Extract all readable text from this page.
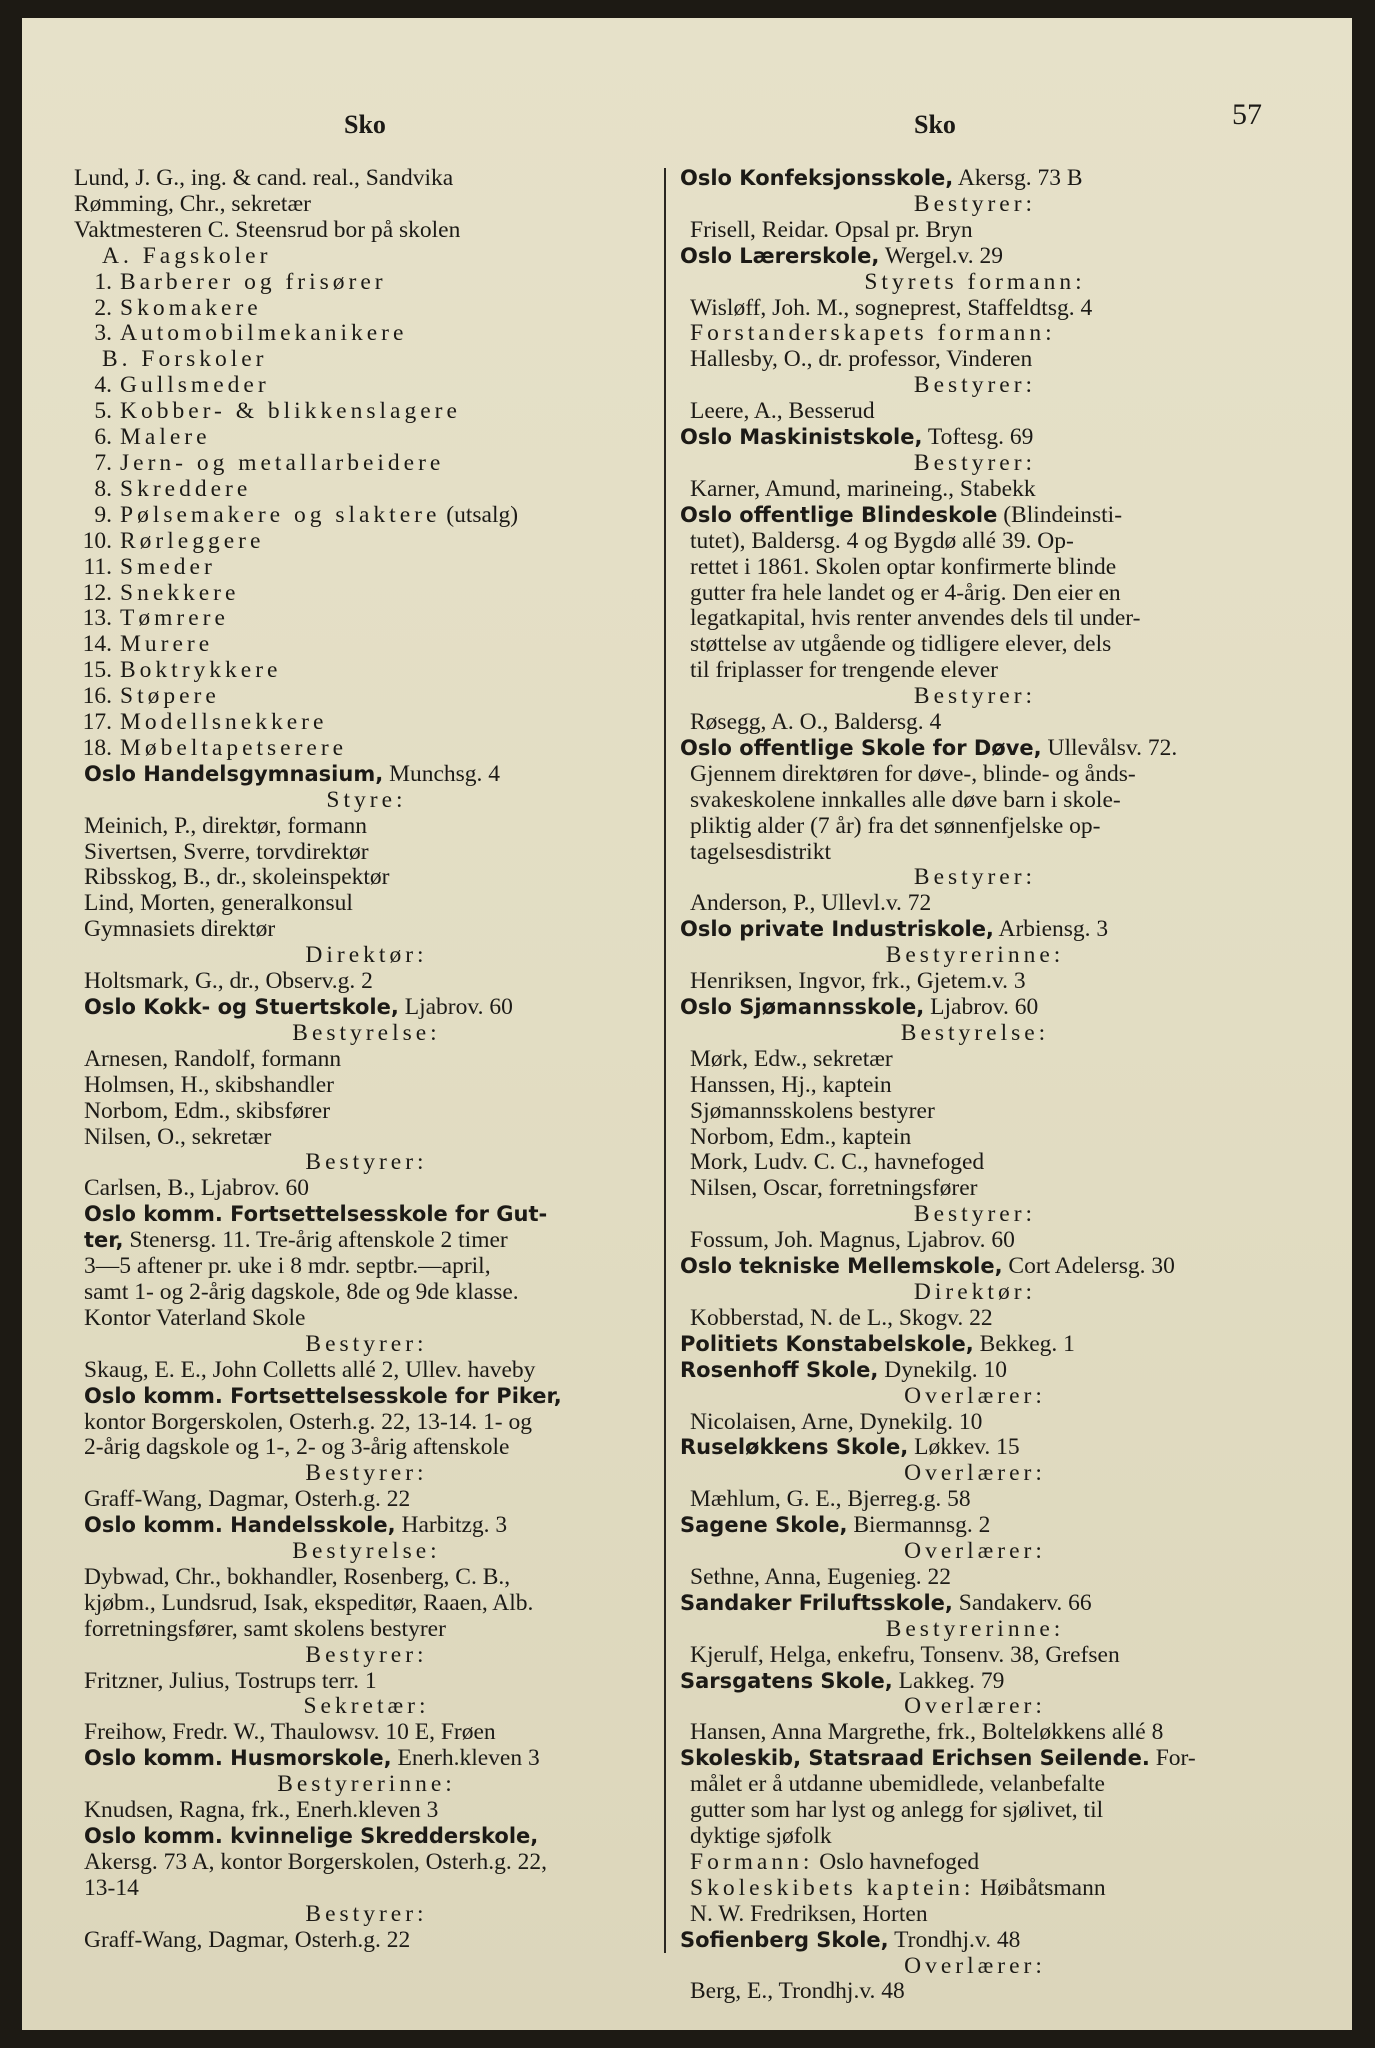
Sko	Sko	57
Lund, J. G., ing. & cand. real., Sandvika
Rømming, Chr., sekretær
Vaktmesteren C. Steensrud bor på skolen
A. Fagskoler
1. Barberer og frisører
2. Skomakere
3. Automobilmekanikere
B. Forskoler
4. Gullsmeder
5. Kobber- & blikkenslagere
6. Malere
7. Jern- og metallarbeidere
8. Skreddere
9. Pølsemakere og slaktere (utsalg)
10. Rørleggere
11. Smeder
12. Snekkere
13. Tømrere
14. Murere
15. Boktrykkere
16. Støpere
17. Modellsnekkere
18. Møbeltapetserere
Oslo Handelsgymnasium, Munchsg. 4
Styre:
Meinich, P., direktør, formann
Sivertsen, Sverre, torvdirektør
Ribsskog, B., dr., skoleinspektør
Lind, Morten, generalkonsul
Gymnasiets direktør
Direktør:
Holtsmark, G., dr., Observ.g. 2
Oslo Kokk- og Stuertskole, Ljabrov. 60
Bestyrelse:
Arnesen, Randolf, formann
Holmsen, H., skibshandler
Norbom, Edm., skibsfører
Nilsen, O., sekretær
Bestyrer:
Carlsen, B., Ljabrov. 60
Oslo komm. Fortsettelsesskole for Gut-
ter, Stenersg. 11. Tre-årig aftenskole 2 timer
3—5 aftener pr. uke i 8 mdr. septbr.—april,
samt 1- og 2-årig dagskole, 8de og 9de klasse.
Kontor Vaterland Skole
Bestyrer:
Skaug, E. E., John Colletts allé 2, Ullev. haveby
Oslo komm. Fortsettelsesskole for Piker,
kontor Borgerskolen, Osterh.g. 22, 13-14. 1- og
2-årig dagskole og 1-, 2- og 3-årig aftenskole
Bestyrer:
Graff-Wang, Dagmar, Osterh.g. 22
Oslo komm. Handelsskole, Harbitzg. 3
Bestyrelse:
Dybwad, Chr., bokhandler, Rosenberg, C. B.,
kjøbm., Lundsrud, Isak, ekspeditør, Raaen, Alb.
forretningsfører, samt skolens bestyrer
Bestyrer:
Fritzner, Julius, Tostrups terr. 1
Sekretær:
Freihow, Fredr. W., Thaulowsv. 10 E, Frøen
Oslo komm. Husmorskole, Enerh.kleven 3
Bestyrerinne:
Knudsen, Ragna, frk., Enerh.kleven 3
Oslo komm. kvinnelige Skredderskole,
Akersg. 73 A, kontor Borgerskolen, Osterh.g. 22,
13-14
Bestyrer:
Graff-Wang, Dagmar, Osterh.g. 22
Oslo Konfeksjonsskole, Akersg. 73 B
Bestyrer:
Frisell, Reidar. Opsal pr. Bryn
Oslo Lærerskole, Wergel.v. 29
Styrets formann:
Wisløff, Joh. M., sogneprest, Staffeldtsg. 4
Forstanderskapets formann:
Hallesby, O., dr. professor, Vinderen
Bestyrer:
Leere, A., Besserud
Oslo Maskinistskole, Toftesg. 69
Bestyrer:
Karner, Amund, marineing., Stabekk
Oslo offentlige Blindeskole (Blindeinsti-
tutet), Baldersg. 4 og Bygdø allé 39. Op-
rettet i 1861. Skolen optar konfirmerte blinde
gutter fra hele landet og er 4-årig. Den eier en
legatkapital, hvis renter anvendes dels til under-
støttelse av utgående og tidligere elever, dels
til friplasser for trengende elever
Bestyrer:
Røsegg, A. O., Baldersg. 4
Oslo offentlige Skole for Døve, Ullevålsv. 72.
Gjennem direktøren for døve-, blinde- og ånds-
svakeskolene innkalles alle døve barn i skole-
pliktig alder (7 år) fra det sønnenfjelske op-
tagelsesdistrikt
Bestyrer:
Anderson, P., Ullevl.v. 72
Oslo private Industriskole, Arbiensg. 3
Bestyrerinne:
Henriksen, Ingvor, frk., Gjetem.v. 3
Oslo Sjømannsskole, Ljabrov. 60
Bestyrelse:
Mørk, Edw., sekretær
Hanssen, Hj., kaptein
Sjømannsskolens bestyrer
Norbom, Edm., kaptein
Mork, Ludv. C. C., havnefoged
Nilsen, Oscar, forretningsfører
Bestyrer:
Fossum, Joh. Magnus, Ljabrov. 60
Oslo tekniske Mellemskole, Cort Adelersg. 30
Direktør:
Kobberstad, N. de L., Skogv. 22
Politiets Konstabelskole, Bekkeg. 1
Rosenhoff Skole, Dynekilg. 10
Overlærer:
Nicolaisen, Arne, Dynekilg. 10
Ruseløkkens Skole, Løkkev. 15
Overlærer:
Mæhlum, G. E., Bjerreg.g. 58
Sagene Skole, Biermannsg. 2
Overlærer:
Sethne, Anna, Eugenieg. 22
Sandaker Friluftsskole, Sandakerv. 66
Bestyrerinne:
Kjerulf, Helga, enkefru, Tonsenv. 38, Grefsen
Sarsgatens Skole, Lakkeg. 79
Overlærer:
Hansen, Anna Margrethe, frk., Bolteløkkens allé 8
Skoleskib, Statsraad Erichsen Seilende. For-
målet er å utdanne ubemidlede, velanbefalte
gutter som har lyst og anlegg for sjølivet, til
dyktige sjøfolk
Formann: Oslo havnefoged
Skoleskibets kaptein: Høibåtsmann
N. W. Fredriksen, Horten
Sofienberg Skole, Trondhj.v. 48
Overlærer:
Berg, E., Trondhj.v. 48
